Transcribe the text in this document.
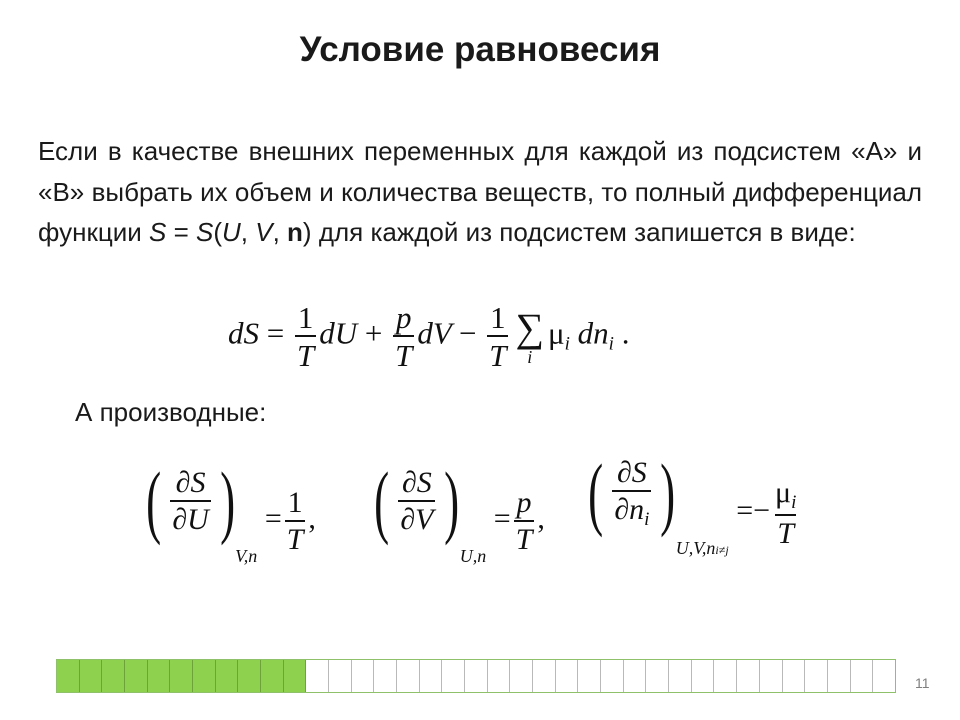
Условие равновесия
Если в качестве внешних переменных для каждой из подсистем «А» и «В» выбрать их объем и количества веществ, то полный дифференциал функции S = S(U, V, n) для каждой из подсистем запишется в виде:
dS = $\frac{1}{T}$ dU + $\frac{p}{T}$ dV − $\frac{1}{T}$ ∑
i
$\mu_i$ $dn_i$ .
А производные:
( $\frac{\partial S}{\partial U}$ )
$_{V,n} = \frac{1}{T}$ , ( $\frac{\partial S}{\partial V}$ )
$_{U,n} = \frac{p}{T}$ , ( $\frac{\partial S}{\partial n_i}$ )
$_{U,V,ni\ne j} =- \frac{\mu_i}{T}$
11
